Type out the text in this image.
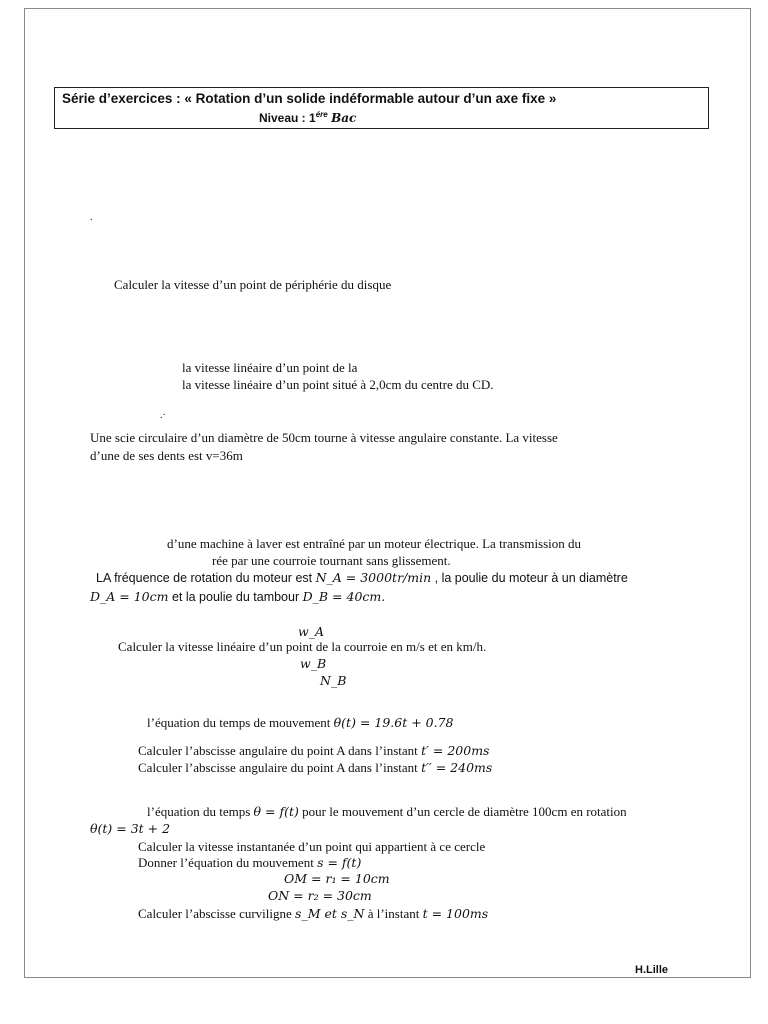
Série d’exercices : « Rotation d’un solide indéformable autour d’un axe fixe »
Niveau : $1^{ére}$ Bac
.
.·
Calculer la vitesse d’un point de périphérie du disque
la vitesse linéaire d’un point de la
la vitesse linéaire d’un point situé à 2,0cm du centre du CD.
Une scie circulaire d’un diamètre de 50cm tourne à vitesse angulaire constante. La vitesse
d’une de ses dents est v=36m
d’une machine à laver est entraîné par un moteur électrique. La transmission du
rée par une courroie tournant sans glissement.
LA fréquence de rotation du moteur est N_A = 3000tr/min , la poulie du moteur à un diamètre
D_A = 10cm et la poulie du tambour D_B = 40cm.
w_A
Calculer la vitesse linéaire d’un point de la courroie en m/s et en km/h.
w_B
N_B
l’équation du temps de mouvement θ(t) = 19.6t + 0.78
Calculer l’abscisse angulaire du point A dans l’instant t′ = 200ms
Calculer l’abscisse angulaire du point A dans l’instant t′′ = 240ms
l’équation du temps θ = f(t) pour le mouvement d’un cercle de diamètre 100cm en rotation
θ(t) = 3t + 2
Calculer la vitesse instantanée d’un point qui appartient à ce cercle
Donner l’équation du mouvement s = f(t)
OM = r₁ = 10cm
ON = r₂ = 30cm
Calculer l’abscisse curviligne s_M et s_N à l’instant t = 100ms
H.Lille
